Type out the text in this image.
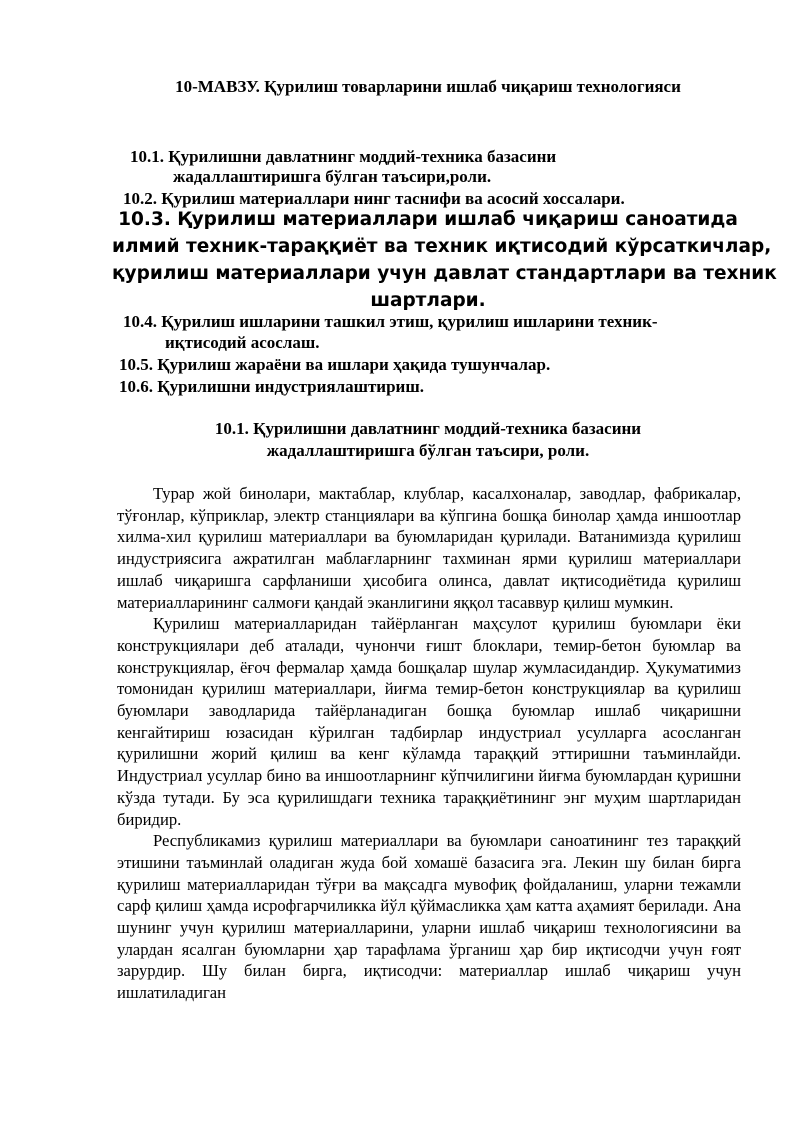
10-МАВЗУ. Қурилиш товарларини ишлаб чиқариш технологияси
10.1. Қурилишни давлатнинг моддий-техника базасини
жадаллаштиришга бўлган таъсири,роли.
10.2. Қурилиш материаллари нинг таснифи ва асосий хоссалари.
10.3. Қурилиш материаллари ишлаб чиқариш саноатида
илмий техник-тараққиёт ва техник иқтисодий кўрсаткичлар,
қурилиш материаллари учун давлат стандартлари ва техник
шартлари.
10.4. Қурилиш ишларини ташкил этиш, қурилиш ишларини техник-
иқтисодий асослаш.
10.5. Қурилиш жараёни ва ишлари ҳақида тушунчалар.
10.6. Қурилишни индустриялаштириш.
10.1. Қурилишни давлатнинг моддий-техника базасини
жадаллаштиришга бўлган таъсири, роли.

Турар жой бинолари, мактаблар, клублар, касалхоналар, заводлар, фабрикалар, тўғонлар, кўприклар, электр станциялари ва кўпгина бошқа бинолар ҳамда иншоотлар хилма-хил қурилиш материаллари ва буюмларидан қурилади. Ватанимизда қурилиш индустриясига ажратилган маблағларнинг тахминан ярми қурилиш материаллари ишлаб чиқаришга сарфланиши ҳисобига олинса, давлат иқтисодиётида қурилиш материалларининг салмоғи қандай эканлигини яққол тасаввур қилиш мумкин.

Қурилиш материалларидан тайёрланган маҳсулот қурилиш буюмлари ёки конструкциялари деб аталади, чунончи ғишт блоклари, темир-бетон буюмлар ва конструкциялар, ёғоч фермалар ҳамда бошқалар шулар жумласидандир. Ҳукуматимиз томонидан қурилиш материаллари, йиғма темир-бетон конструкциялар ва қурилиш буюмлари заводларида тайёрланадиган бошқа буюмлар ишлаб чиқаришни кенгайтириш юзасидан кўрилган тадбирлар индустриал усулларга асосланган қурилишни жорий қилиш ва кенг кўламда тараққий эттиришни таъминлайди. Индустриал усуллар бино ва иншоотларнинг кўпчилигини йиғма буюмлардан қуришни кўзда тутади. Бу эса қурилишдаги техника тараққиётининг энг муҳим шартларидан биридир.

Республикамиз қурилиш материаллари ва буюмлари саноатининг тез тараққий этишини таъминлай оладиган жуда бой хомашё базасига эга. Лекин шу билан бирга қурилиш материалларидан тўғри ва мақсадга мувофиқ фойдаланиш, уларни тежамли сарф қилиш ҳамда исрофгарчиликка йўл қўймасликка ҳам катта аҳамият берилади. Ана шунинг учун қурилиш материалларини, уларни ишлаб чиқариш технологиясини ва улардан ясалган буюмларни ҳар тарафлама ўрганиш ҳар бир иқтисодчи учун ғоят зарурдир. Шу билан бирга, иқтисодчи: материаллар ишлаб чиқариш учун ишлатиладиган
